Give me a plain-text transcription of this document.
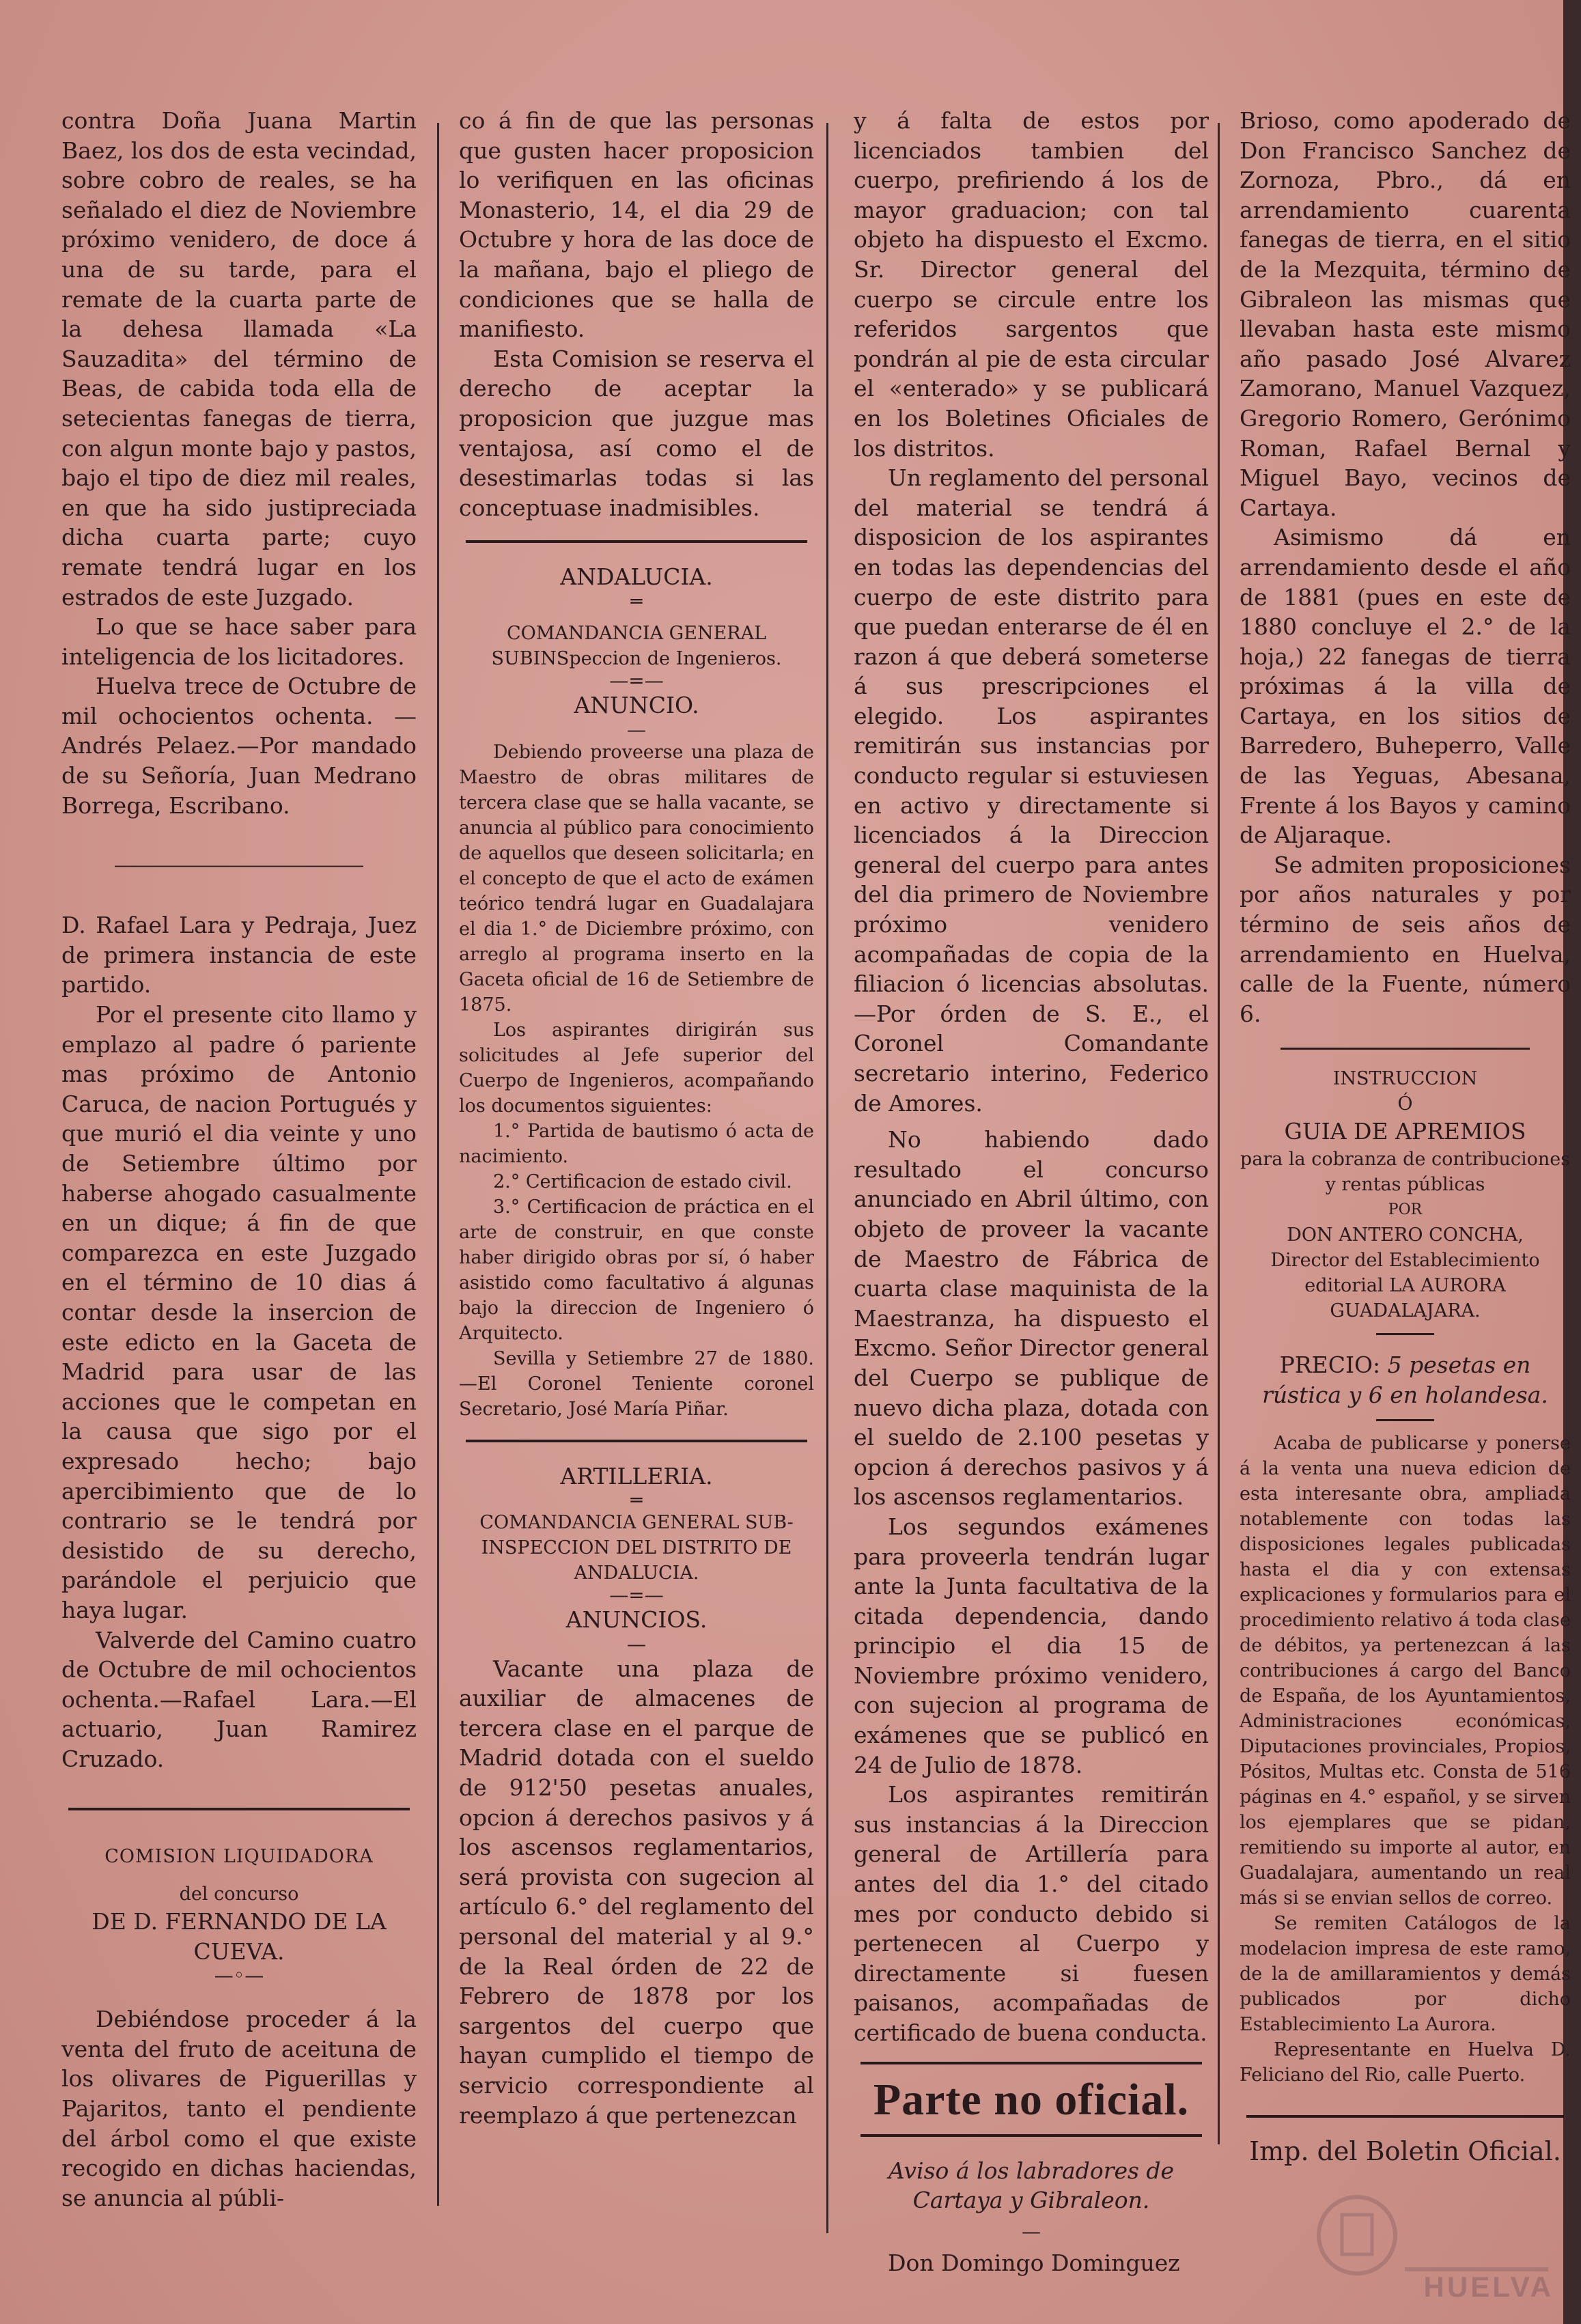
contra Doña Juana Martin Baez, los dos de esta vecindad, sobre cobro de reales, se ha señalado el diez de Noviembre próximo venidero, de doce á una de su tarde, para el remate de la cuarta parte de la dehesa llamada «La Sauzadita» del término de Beas, de cabida toda ella de setecientas fanegas de tierra, con algun monte bajo y pastos, bajo el tipo de diez mil reales, en que ha sido justipreciada dicha cuarta parte; cuyo remate tendrá lugar en los estrados de este Juzgado.

Lo que se hace saber para inteligencia de los licitadores.

Huelva trece de Octubre de mil ochocientos ochenta. —Andrés Pelaez.—Por mandado de su Señoría, Juan Medrano Borrega, Escribano.

―――――――――――――

D. Rafael Lara y Pedraja, Juez de primera instancia de este partido.

Por el presente cito llamo y emplazo al padre ó pariente mas próximo de Antonio Caruca, de nacion Portugués y que murió el dia veinte y uno de Setiembre último por haberse ahogado casualmente en un dique; á fin de que comparezca en este Juzgado en el término de 10 dias á contar desde la insercion de este edicto en la Gaceta de Madrid para usar de las acciones que le competan en la causa que sigo por el expresado hecho; bajo apercibimiento que de lo contrario se le tendrá por desistido de su derecho, parándole el perjuicio que haya lugar.

Valverde del Camino cuatro de Octubre de mil ochocientos ochenta.—Rafael Lara.—El actuario, Juan Ramirez Cruzado.

COMISION LIQUIDADORA

del concurso

DE D. FERNANDO DE LA CUEVA.

—◦—

Debiéndose proceder á la venta del fruto de aceituna de los olivares de Piguerillas y Pajaritos, tanto el pendiente del árbol como el que existe recogido en dichas haciendas, se anuncia al públi-

co á fin de que las personas que gusten hacer proposicion lo verifiquen en las oficinas Monasterio, 14, el dia 29 de Octubre y hora de las doce de la mañana, bajo el pliego de condiciones que se halla de manifiesto.

Esta Comision se reserva el derecho de aceptar la proposicion que juzgue mas ventajosa, así como el de desestimarlas todas si las conceptuase inadmisibles.

ANDALUCIA.

═

COMANDANCIA GENERAL SUBINSpeccion de Ingenieros.

—=—

ANUNCIO.

—

Debiendo proveerse una plaza de Maestro de obras militares de tercera clase que se halla vacante, se anuncia al público para conocimiento de aquellos que deseen solicitarla; en el concepto de que el acto de exámen teórico tendrá lugar en Guadalajara el dia 1.° de Diciembre próximo, con arreglo al programa inserto en la Gaceta oficial de 16 de Setiembre de 1875.

Los aspirantes dirigirán sus solicitudes al Jefe superior del Cuerpo de Ingenieros, acompañando los documentos siguientes:

1.° Partida de bautismo ó acta de nacimiento.

2.° Certificacion de estado civil.

3.° Certificacion de práctica en el arte de construir, en que conste haber dirigido obras por sí, ó haber asistido como facultativo á algunas bajo la direccion de Ingeniero ó Arquitecto.

Sevilla y Setiembre 27 de 1880. —El Coronel Teniente coronel Secretario, José María Piñar.

ARTILLERIA.

═

COMANDANCIA GENERAL SUB-INSPECCION DEL DISTRITO DE ANDALUCIA.

—=—

ANUNCIOS.

—

Vacante una plaza de auxiliar de almacenes de tercera clase en el parque de Madrid dotada con el sueldo de 912'50 pesetas anuales, opcion á derechos pasivos y á los ascensos reglamentarios, será provista con sugecion al artículo 6.° del reglamento del personal del material y al 9.° de la Real órden de 22 de Febrero de 1878 por los sargentos del cuerpo que hayan cumplido el tiempo de servicio correspondiente al reemplazo á que pertenezcan

y á falta de estos por licenciados tambien del cuerpo, prefiriendo á los de mayor graduacion; con tal objeto ha dispuesto el Excmo. Sr. Director general del cuerpo se circule entre los referidos sargentos que pondrán al pie de esta circular el «enterado» y se publicará en los Boletines Oficiales de los distritos.

Un reglamento del personal del material se tendrá á disposicion de los aspirantes en todas las dependencias del cuerpo de este distrito para que puedan enterarse de él en razon á que deberá someterse á sus prescripciones el elegido. Los aspirantes remitirán sus instancias por conducto regular si estuviesen en activo y directamente si licenciados á la Direccion general del cuerpo para antes del dia primero de Noviembre próximo venidero acompañadas de copia de la filiacion ó licencias absolutas.—Por órden de S. E., el Coronel Comandante secretario interino, Federico de Amores.

No habiendo dado resultado el concurso anunciado en Abril último, con objeto de proveer la vacante de Maestro de Fábrica de cuarta clase maquinista de la Maestranza, ha dispuesto el Excmo. Señor Director general del Cuerpo se publique de nuevo dicha plaza, dotada con el sueldo de 2.100 pesetas y opcion á derechos pasivos y á los ascensos reglamentarios.

Los segundos exámenes para proveerla tendrán lugar ante la Junta facultativa de la citada dependencia, dando principio el dia 15 de Noviembre próximo venidero, con sujecion al programa de exámenes que se publicó en 24 de Julio de 1878.

Los aspirantes remitirán sus instancias á la Direccion general de Artillería para antes del dia 1.° del citado mes por conducto debido si pertenecen al Cuerpo y directamente si fuesen paisanos, acompañadas de certificado de buena conducta.

Parte no oficial.

Aviso á los labradores de Cartaya y Gibraleon.

—

Don Domingo Dominguez

Brioso, como apoderado de Don Francisco Sanchez de Zornoza, Pbro., dá en arrendamiento cuarenta fanegas de tierra, en el sitio de la Mezquita, término de Gibraleon las mismas que llevaban hasta este mismo año pasado José Alvarez Zamorano, Manuel Vazquez, Gregorio Romero, Gerónimo Roman, Rafael Bernal y Miguel Bayo, vecinos de Cartaya.

Asimismo dá en arrendamiento desde el año de 1881 (pues en este de 1880 concluye el 2.° de la hoja,) 22 fanegas de tierra próximas á la villa de Cartaya, en los sitios de Barredero, Buheperro, Valle de las Yeguas, Abesana, Frente á los Bayos y camino de Aljaraque.

Se admiten proposiciones por años naturales y por término de seis años de arrendamiento en Huelva, calle de la Fuente, número 6.

INSTRUCCION

Ó

GUIA DE APREMIOS

para la cobranza de contribuciones y rentas públicas

POR

DON ANTERO CONCHA,

Director del Establecimiento editorial LA AURORA GUADALAJARA.

PRECIO: 5 pesetas en rústica y 6 en holandesa.

Acaba de publicarse y ponerse á la venta una nueva edicion de esta interesante obra, ampliada notablemente con todas las disposiciones legales publicadas hasta el dia y con extensas explicaciones y formularios para el procedimiento relativo á toda clase de débitos, ya pertenezcan á las contribuciones á cargo del Banco de España, de los Ayuntamientos, Administraciones económicas, Diputaciones provinciales, Propios, Pósitos, Multas etc. Consta de 516 páginas en 4.° español, y se sirven los ejemplares que se pidan, remitiendo su importe al autor, en Guadalajara, aumentando un real más si se envian sellos de correo.

Se remiten Catálogos de la modelacion impresa de este ramo, de la de amillaramientos y demás publicados por dicho Establecimiento La Aurora.

Representante en Huelva D. Feliciano del Rio, calle Puerto.

Imp. del Boletin Oficial.

HUELVA
